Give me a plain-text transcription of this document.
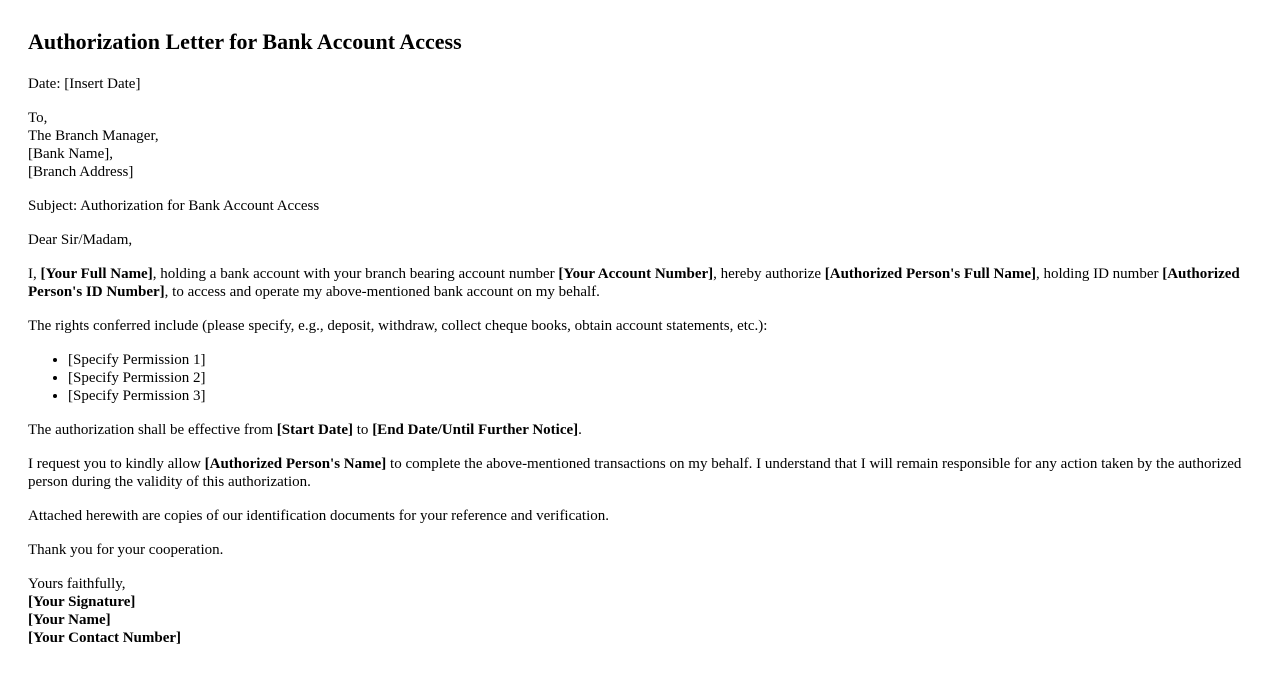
Authorization Letter for Bank Account Access

Date: [Insert Date]

To,
The Branch Manager,
[Bank Name],
[Branch Address]

Subject: Authorization for Bank Account Access

Dear Sir/Madam,

I, [Your Full Name], holding a bank account with your branch bearing account number [Your Account Number], hereby authorize [Authorized Person's Full Name], holding ID number [Authorized Person's ID Number], to access and operate my above-mentioned bank account on my behalf.

The rights conferred include (please specify, e.g., deposit, withdraw, collect cheque books, obtain account statements, etc.):

• [Specify Permission 1]
• [Specify Permission 2]
• [Specify Permission 3]

The authorization shall be effective from [Start Date] to [End Date/Until Further Notice].

I request you to kindly allow [Authorized Person's Name] to complete the above-mentioned transactions on my behalf. I understand that I will remain responsible for any action taken by the authorized person during the validity of this authorization.

Attached herewith are copies of our identification documents for your reference and verification.

Thank you for your cooperation.

Yours faithfully,
[Your Signature]
[Your Name]
[Your Contact Number]
